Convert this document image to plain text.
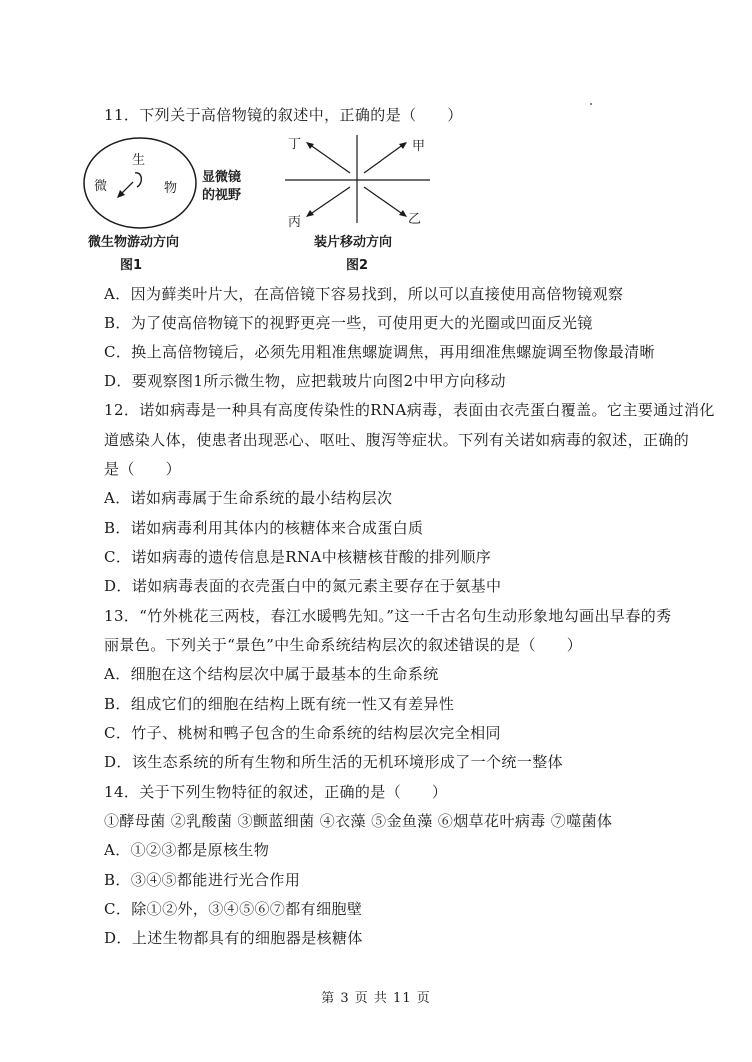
11．下列关于高倍物镜的叙述中，正确的是（　　）
生
微	物
显微镜
的视野
微生物游动方向
图1
丁	甲
丙	乙
装片移动方向
图2
A．因为藓类叶片大，在高倍镜下容易找到，所以可以直接使用高倍物镜观察
B．为了使高倍物镜下的视野更亮一些，可使用更大的光圈或凹面反光镜
C．换上高倍物镜后，必须先用粗准焦螺旋调焦，再用细准焦螺旋调至物像最清晰
D．要观察图1所示微生物，应把载玻片向图2中甲方向移动
12．诺如病毒是一种具有高度传染性的RNA病毒，表面由衣壳蛋白覆盖。它主要通过消化
道感染人体，使患者出现恶心、呕吐、腹泻等症状。下列有关诺如病毒的叙述，正确的
是（　　）
A．诺如病毒属于生命系统的最小结构层次
B．诺如病毒利用其体内的核糖体来合成蛋白质
C．诺如病毒的遗传信息是RNA中核糖核苷酸的排列顺序
D．诺如病毒表面的衣壳蛋白中的氮元素主要存在于氨基中
13．“竹外桃花三两枝，春江水暖鸭先知。”这一千古名句生动形象地勾画出早春的秀
丽景色。下列关于“景色”中生命系统结构层次的叙述错误的是（　　）
A．细胞在这个结构层次中属于最基本的生命系统
B．组成它们的细胞在结构上既有统一性又有差异性
C．竹子、桃树和鸭子包含的生命系统的结构层次完全相同
D．该生态系统的所有生物和所生活的无机环境形成了一个统一整体
14．关于下列生物特征的叙述，正确的是（　　）
①酵母菌 ②乳酸菌 ③颤蓝细菌 ④衣藻 ⑤金鱼藻 ⑥烟草花叶病毒 ⑦噬菌体
A．①②③都是原核生物
B．③④⑤都能进行光合作用
C．除①②外，③④⑤⑥⑦都有细胞壁
D．上述生物都具有的细胞器是核糖体
第 3 页 共 11 页
